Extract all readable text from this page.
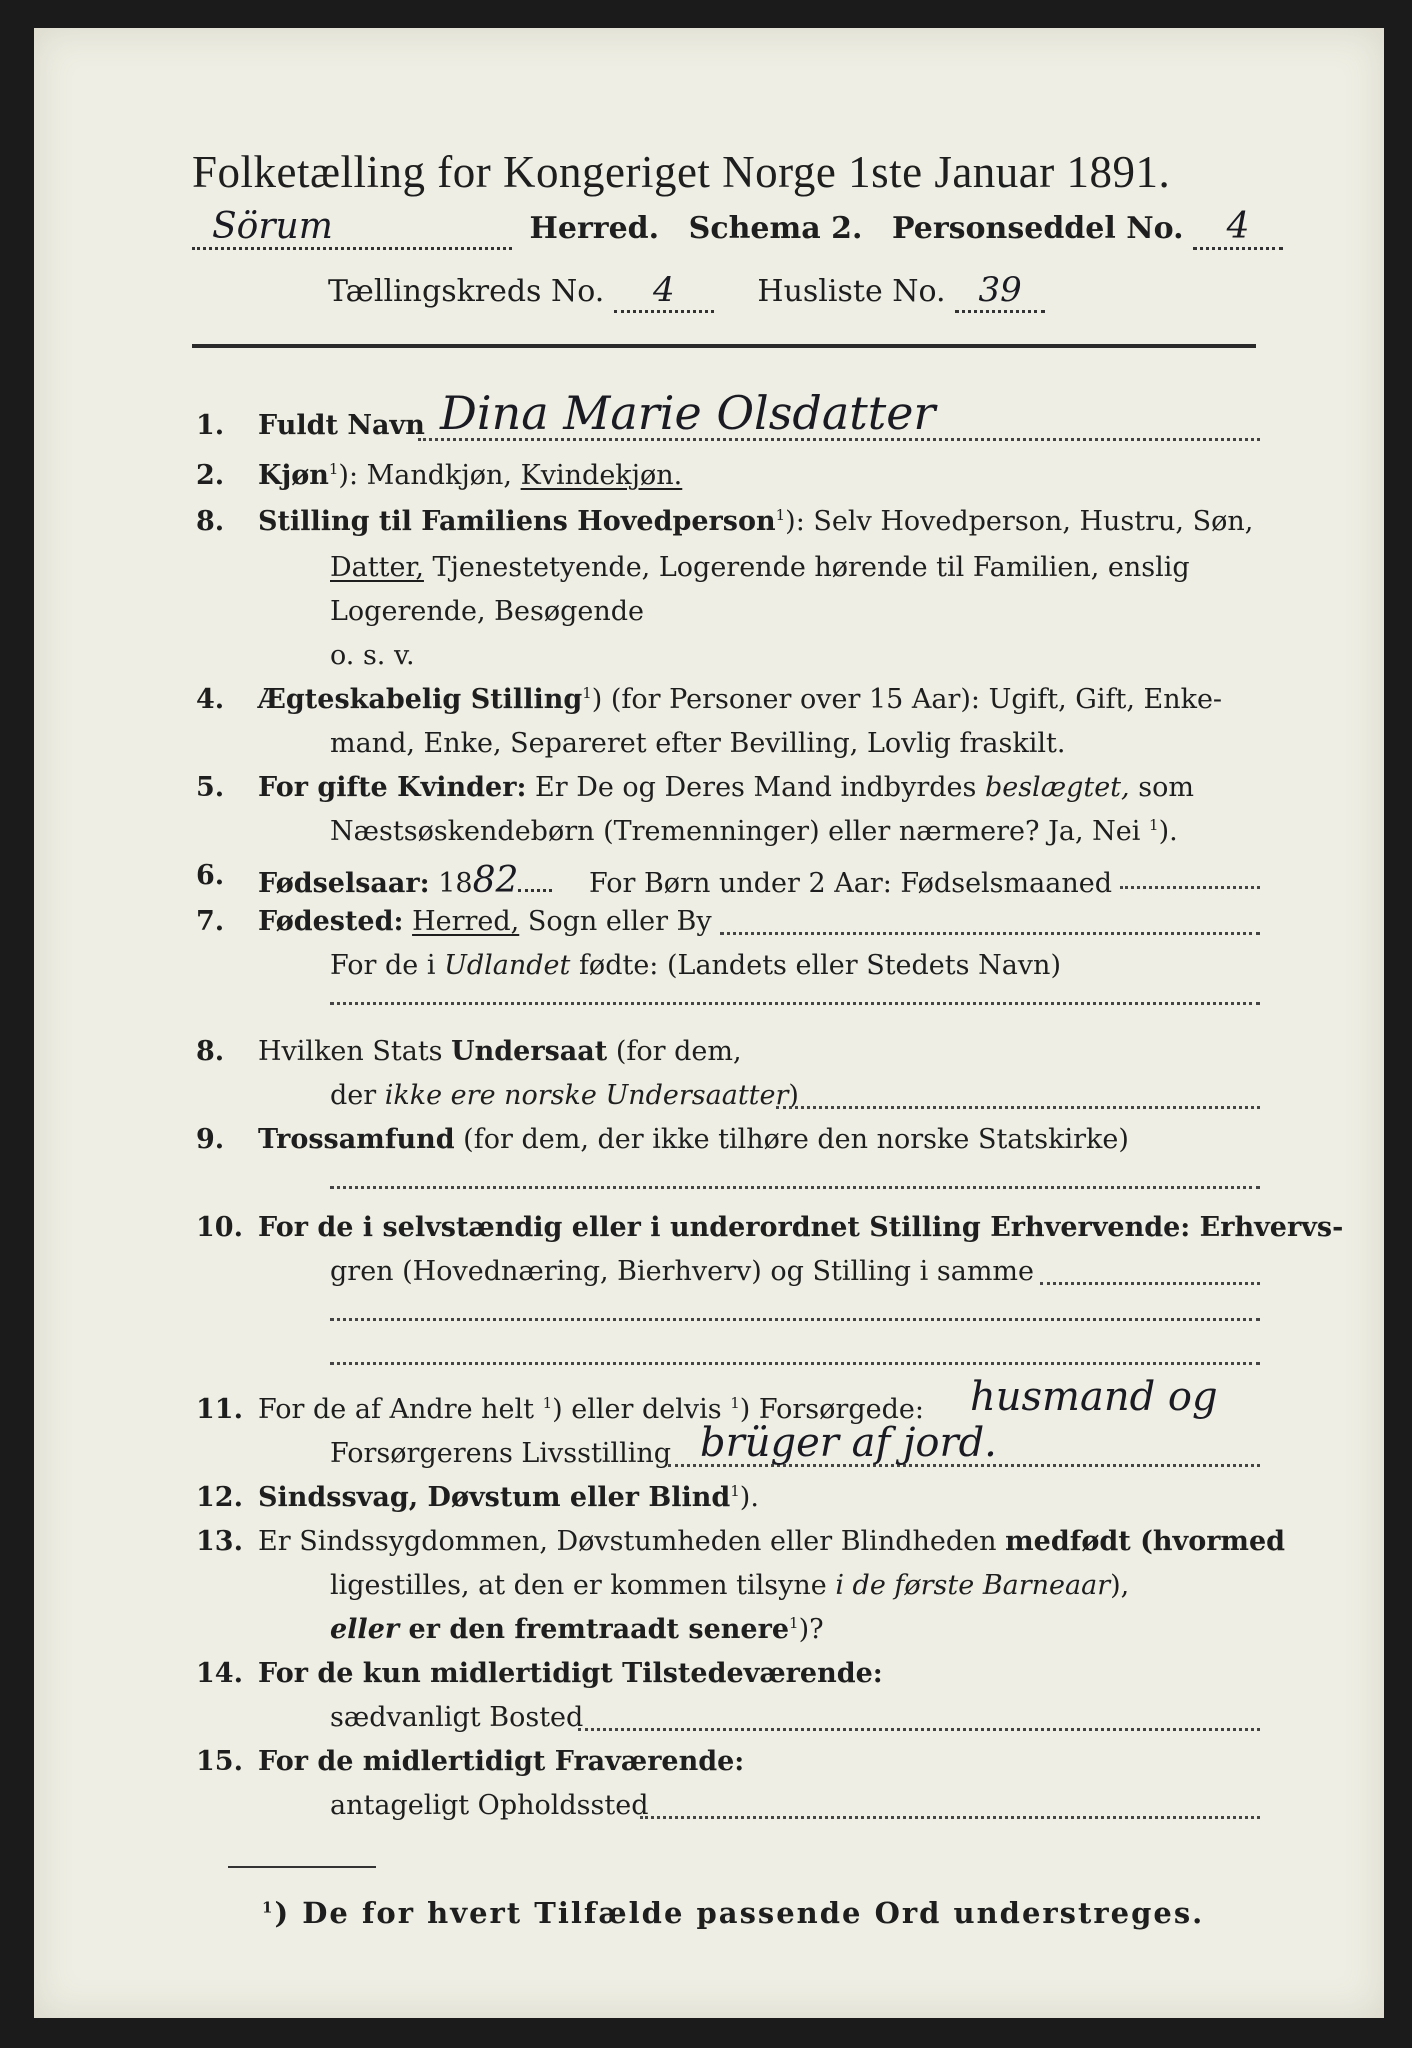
Folketælling for Kongeriget Norge 1ste Januar 1891.
Sörum	Herred. Schema 2. Personseddel No. 4
Tællingskreds No. 4	Husliste No. 39
1.	Fuldt Navn Dina Marie Olsdatter
2.	Kjøn$^1$): Mandkjøn, Kvindekjøn.
8.	Stilling til Familiens Hovedperson$^1$): Selv Hovedperson, Hustru, Søn,
Datter, Tjenestetyende, Logerende hørende til Familien, enslig
Logerende, Besøgende
o. s. v.
4.	Ægteskabelig Stilling$^1$) (for Personer over 15 Aar): Ugift, Gift, Enke-
mand, Enke, Separeret efter Bevilling, Lovlig fraskilt.
5.	For gifte Kvinder: Er De og Deres Mand indbyrdes beslægtet, som
Næstsøskendebørn (Tremenninger) eller nærmere? Ja, Nei $^1$).
6.	Fødselsaar: 1882	For Børn under 2 Aar: Fødselsmaaned
7.	Fødested: Herred, Sogn eller By
For de i Udlandet fødte: (Landets eller Stedets Navn)
8.	Hvilken Stats Undersaat (for dem,
der ikke ere norske Undersaatter)
9.	Trossamfund (for dem, der ikke tilhøre den norske Statskirke)
10. For de i selvstændig eller i underordnet Stilling Erhvervende: Erhvervs-
gren (Hovednæring, Bierhverv) og Stilling i samme
11. For de af Andre helt $^1$) eller delvis $^1$) Forsørgede: husmand og
Forsørgerens Livsstilling brüger af jord.
12. Sindssvag, Døvstum eller Blind$^1$).
13. Er Sindssygdommen, Døvstumheden eller Blindheden medfødt (hvormed
ligestilles, at den er kommen tilsyne i de første Barneaar),
eller er den fremtraadt senere$^1$)?
14. For de kun midlertidigt Tilstedeværende:
sædvanligt Bosted
15. For de midlertidigt Fraværende:
antageligt Opholdssted
$^1$) De for hvert Tilfælde passende Ord understreges.
